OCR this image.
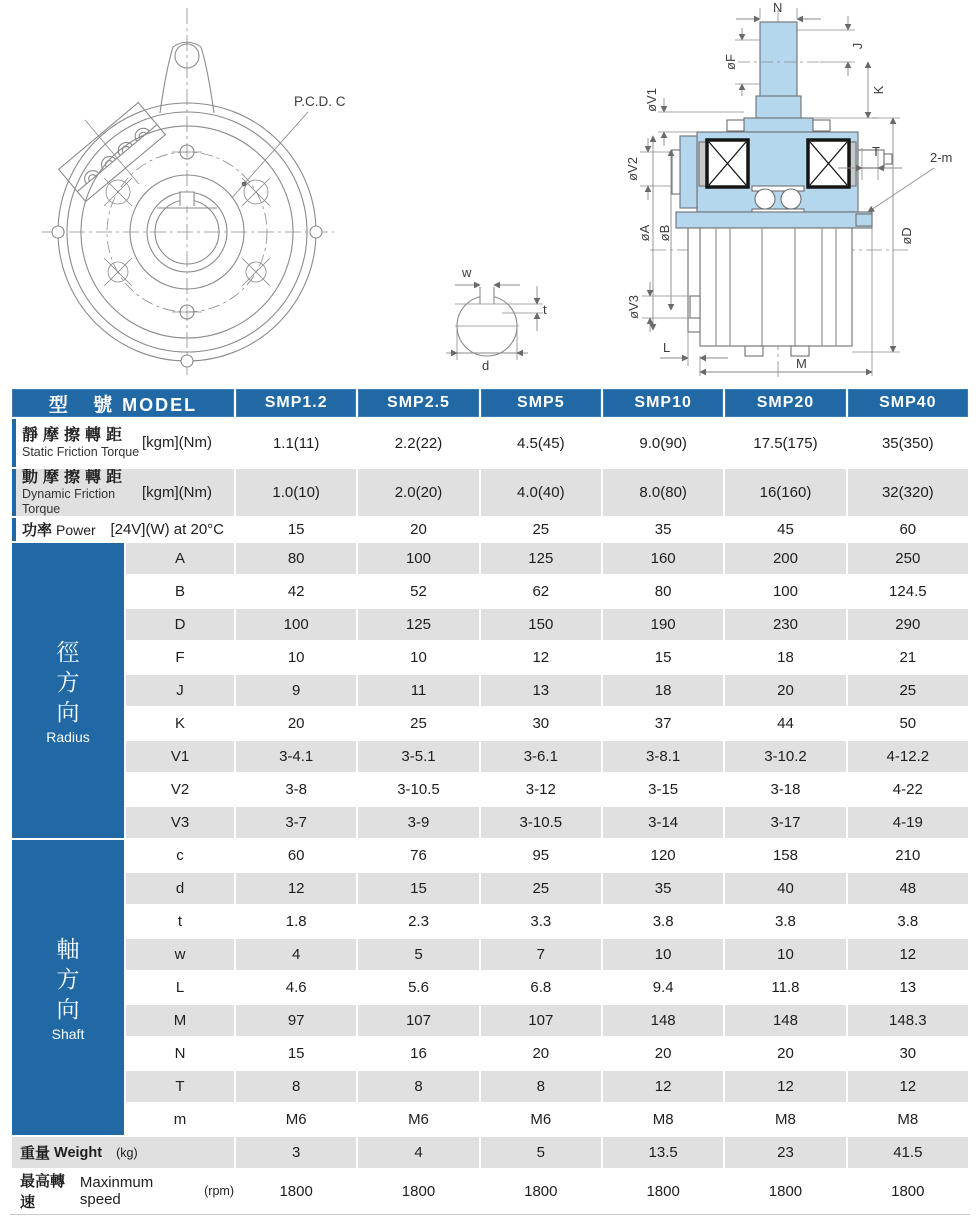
P.C.D. C
w
t
d
N
øF
J
K
øV1
øV2
øA øB
øV3
T	2-m
øD
L
M
型 號MODEL		SMP1.2	SMP2.5	SMP5	SMP10	SMP20	SMP40

靜摩擦轉距
Static Friction Torque
[kgm](Nm)		1.1(11)	2.2(22)	4.5(45)	9.0(90)	17.5(175)	35(350)

動摩擦轉距
Dynamic Friction Torque
[kgm](Nm)		1.0(10)	2.0(20)	4.0(40)	8.0(80)	16(160)	32(320)

功率 Power [24V](W) at 20°C		15	20	25	35	45	60

徑
方
向
Radius	A	80	100	125	160	200	250
	B	42	52	62	80	100	124.5
	D	100	125	150	190	230	290
	F	10	10	12	15	18	21
	J	9	11	13	18	20	25
	K	20	25	30	37	44	50
	V1	3-4.1	3-5.1	3-6.1	3-8.1	3-10.2	4-12.2
	V2	3-8	3-10.5	3-12	3-15	3-18	4-22
	V3	3-7	3-9	3-10.5	3-14	3-17	4-19

軸
方
向
Shaft	c	60	76	95	120	158	210
	d	12	15	25	35	40	48
	t	1.8	2.3	3.3	3.8	3.8	3.8
	w	4	5	7	10	10	12
	L	4.6	5.6	6.8	9.4	11.8	13
	M	97	107	107	148	148	148.3
	N	15	16	20	20	20	30
	T	8	8	8	12	12	12
	m	M6	M6	M6	M8	M8	M8

重量 Weight (kg)		3	4	5	13.5	23	41.5

最高轉速
Maxinmum speed (rpm)		1800	1800	1800	1800	1800	1800
